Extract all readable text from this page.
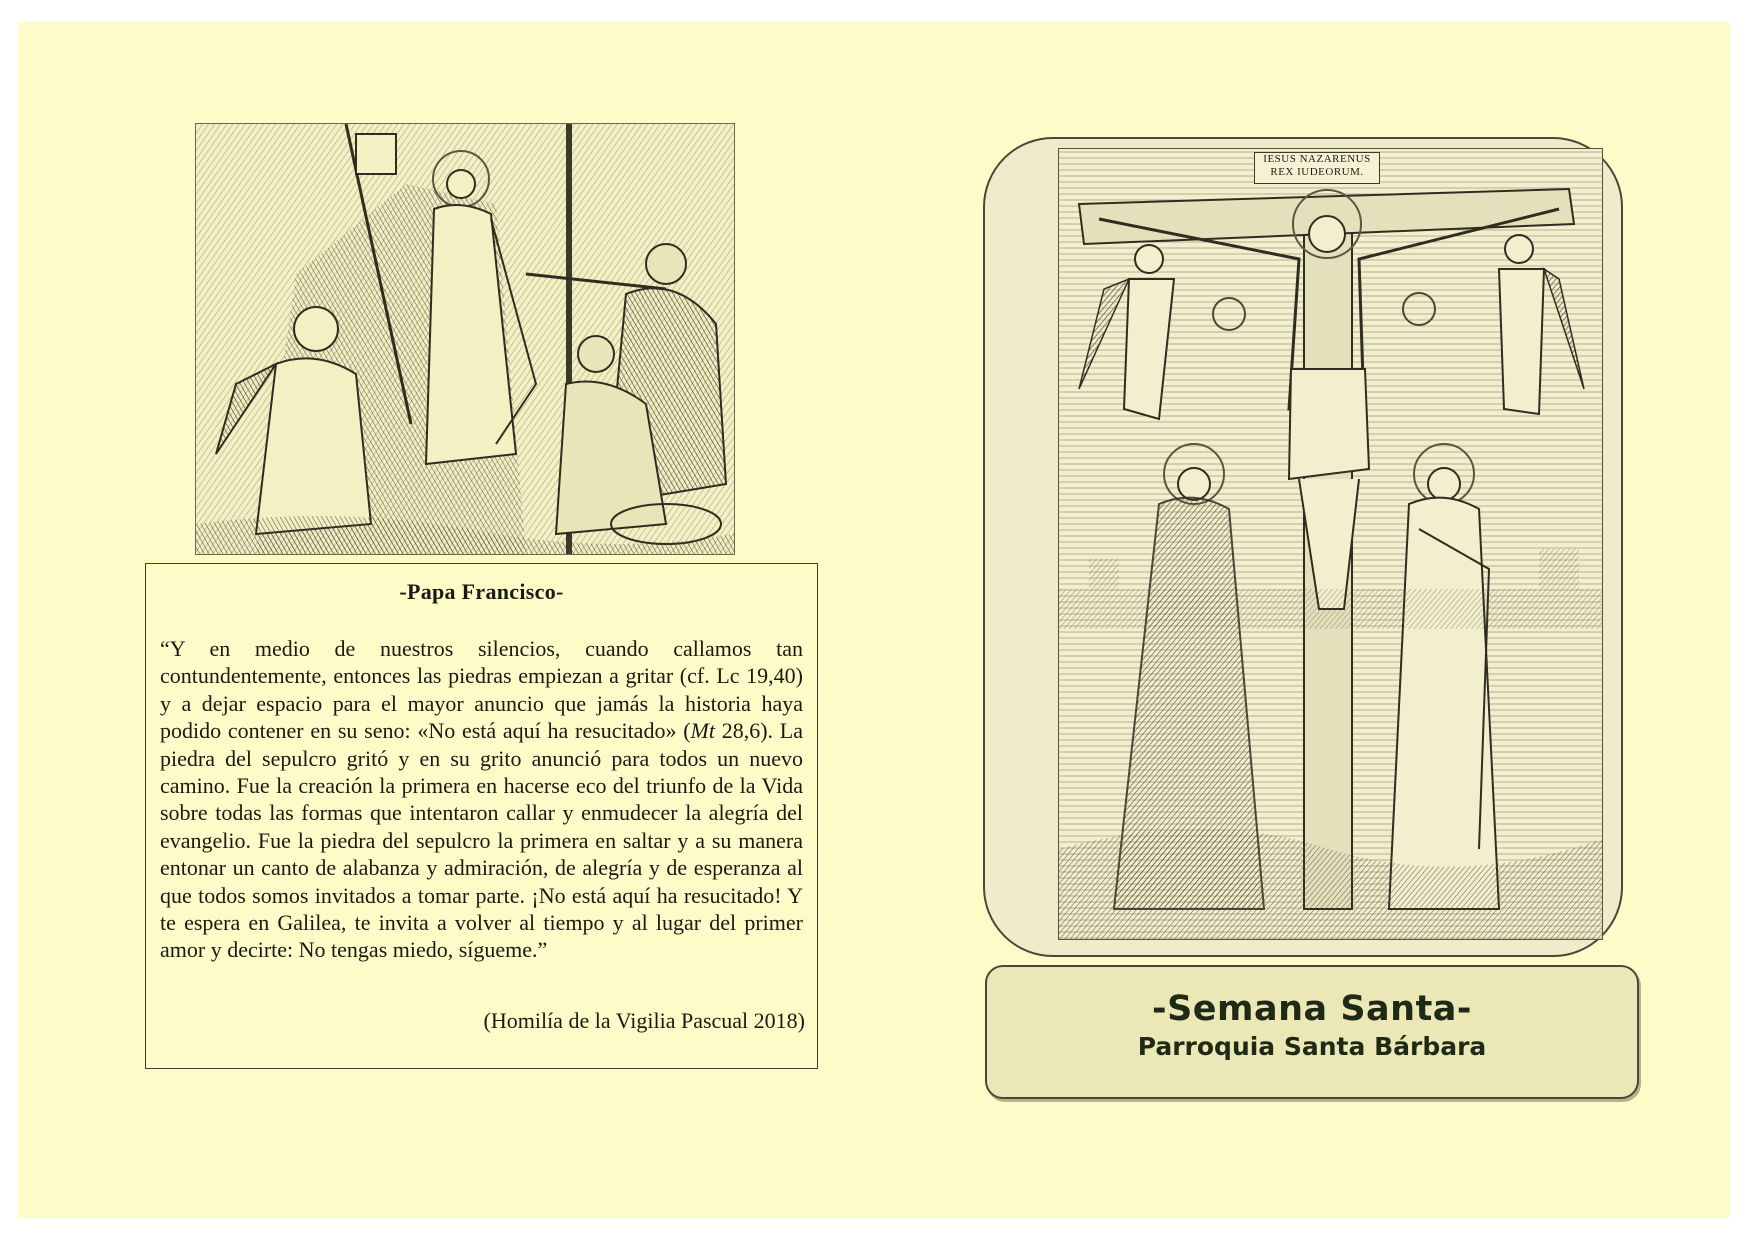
-Papa Francisco-
“Y en medio de nuestros silencios, cuando callamos tan contundentemente, entonces las piedras empiezan a gritar (cf. Lc 19,40) y a dejar espacio para el mayor anuncio que jamás la historia haya podido contener en su seno: «No está aquí ha resucitado» (Mt 28,6). La piedra del sepulcro gritó y en su grito anunció para todos un nuevo camino. Fue la creación la primera en hacerse eco del triunfo de la Vida sobre todas las formas que intentaron callar y enmudecer la alegría del evangelio. Fue la piedra del sepulcro la primera en saltar y a su manera entonar un canto de alabanza y admiración, de alegría y de esperanza al que todos somos invitados a tomar parte. ¡No está aquí ha resucitado! Y te espera en Galilea, te invita a volver al tiempo y al lugar del primer amor y decirte: No tengas miedo, sígueme.”
(Homilía de la Vigilia Pascual 2018)
IESUS NAZARENUS
REX IUDEORUM.
-Semana Santa-
Parroquia Santa Bárbara
